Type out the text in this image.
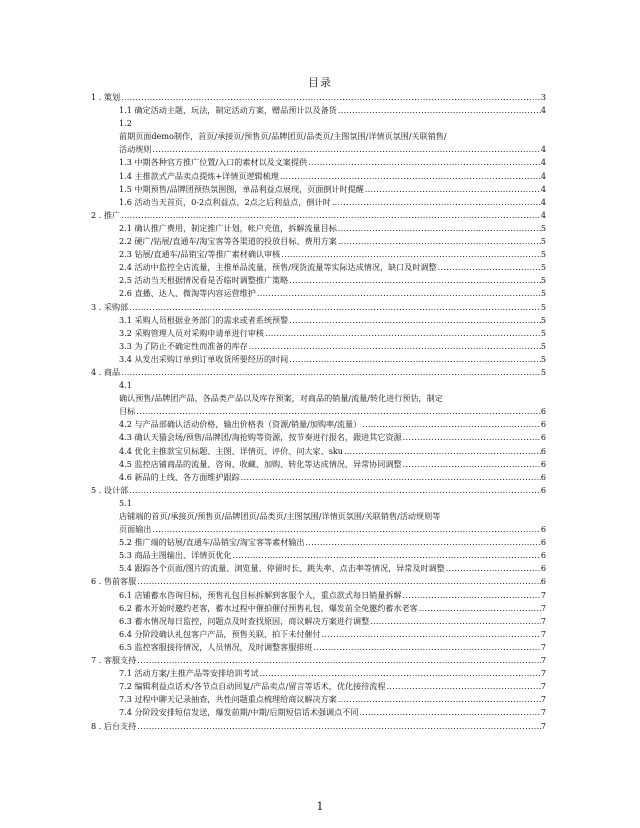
目录
1 . 策划 .....	3
1.1 确定活动主题，玩法，制定活动方案，赠品预计以及备货 .....	4
1.2
前期页面demo制作，首页/承接页/预售页/品牌团页/品类页/主图氛围/详情页氛围/关联销售/
活动规则 .....	4
1.3 中期各种官方推广位置/入口的素材以及文案提供 .....	4
1.4 主推款式产品卖点提炼+详情页逻辑梳理 .....	4
1.5 中期预售/品牌团预热氛围图，单品利益点展现，页面倒计时提醒 .....	4
1.6 活动当天首页，0-2点利益点，2点之后利益点，倒计时 .....	4
2 . 推广 .....	4
2.1 确认推广费用，制定推广计划，帐户充值，拆解流量目标 .....	5
2.2 硬广/钻展/直通车/淘宝客等各渠道的投放目标、费用方案 .....	5
2.3 钻展/直通车/品销宝/等推广素材确认审核 .....	5
2.4 活动中监控全店流量，主推单品流量，预售/现货流量等实际达成情况，缺口及时调整 .....	5
2.5 活动当天根据情况看是否临时调整推广策略 .....	5
2.6 直播、达人、微淘等内容运营维护 .....	5
3 . 采购部 .....	5
3.1 采购人员根据业务部门的需求或者系统预警 .....	5
3.2 采购管理人员对采购申请单进行审核 .....	5
3.3 为了防止不确定性而准备的库存 .....	5
3.4 从发出采购订单到订单收货所要经历的时间 .....	5
4 . 商品 .....	5
4.1
确认预售/品牌团产品，各品类产品以及库存预案，对商品的销量/流量/转化进行预估，制定
目标 .....	6
4.2 与产品部确认活动价格，输出价格表（资源/销量/加购率/流量） .....	6
4.3 确认天猫会场/预售/品牌团/淘抢购等资源，按节奏进行报名，跟进其它资源 .....	6
4.4 优化主推款宝贝标题、主图、详情页、评价、问大家、sku .....	6
4.5 监控店铺商品的流量、咨询、收藏、加购、转化等达成情况，异常协同调整 .....	6
4.6 新品的上线、各方面维护跟踪 .....	6
5 . 设计部 .....	6
5.1
店铺端的首页/承接页/预售页/品牌团页/品类页/主图氛围/详情页氛围/关联销售/活动规则等
页面输出 .....	6
5.2 推广端的钻展/直通车/品销宝/淘宝客等素材输出 .....	6
5.3 商品主图输出、详情页优化 .....	6
5.4 跟踪各个页面/图片的流量、浏览量、停留时长、跳失率、点击率等情况，异常及时调整 .....	6
6 . 售前客服 .....	6
6.1 店铺蓄水咨询目标，预售礼包目标拆解到客服个人，重点款式每日销量拆解 .....	7
6.2 蓄水开始时邀约老客，蓄水过程中催拍催付预售礼包，爆发前全免邀约蓄水老客 .....	7
6.3 蓄水情况每日监控，问题点及时查找原因，商议解决方案进行调整 .....	7
6.4 分阶段确认礼包客户产品，预售关联，拍下未付催付 .....	7
6.5 监控客服接待情况，人员情况，及时调整客服排班 .....	7
7 . 客服支持 .....	7
7.1 活动方案/主推产品等安排培训考试 .....	7
7.2 编辑利益点话术/各节点自动回复/产品卖点/留言等话术，优化接待流程 .....	7
7.3 过程中聊天记录抽查，共性问题重点梳理给商议解决方案 .....	7
7.4 分阶段安排短信发送，爆发前期/中期/后期短信话术强调点不同 .....	7
8 . 后台支持 .....	7
1
